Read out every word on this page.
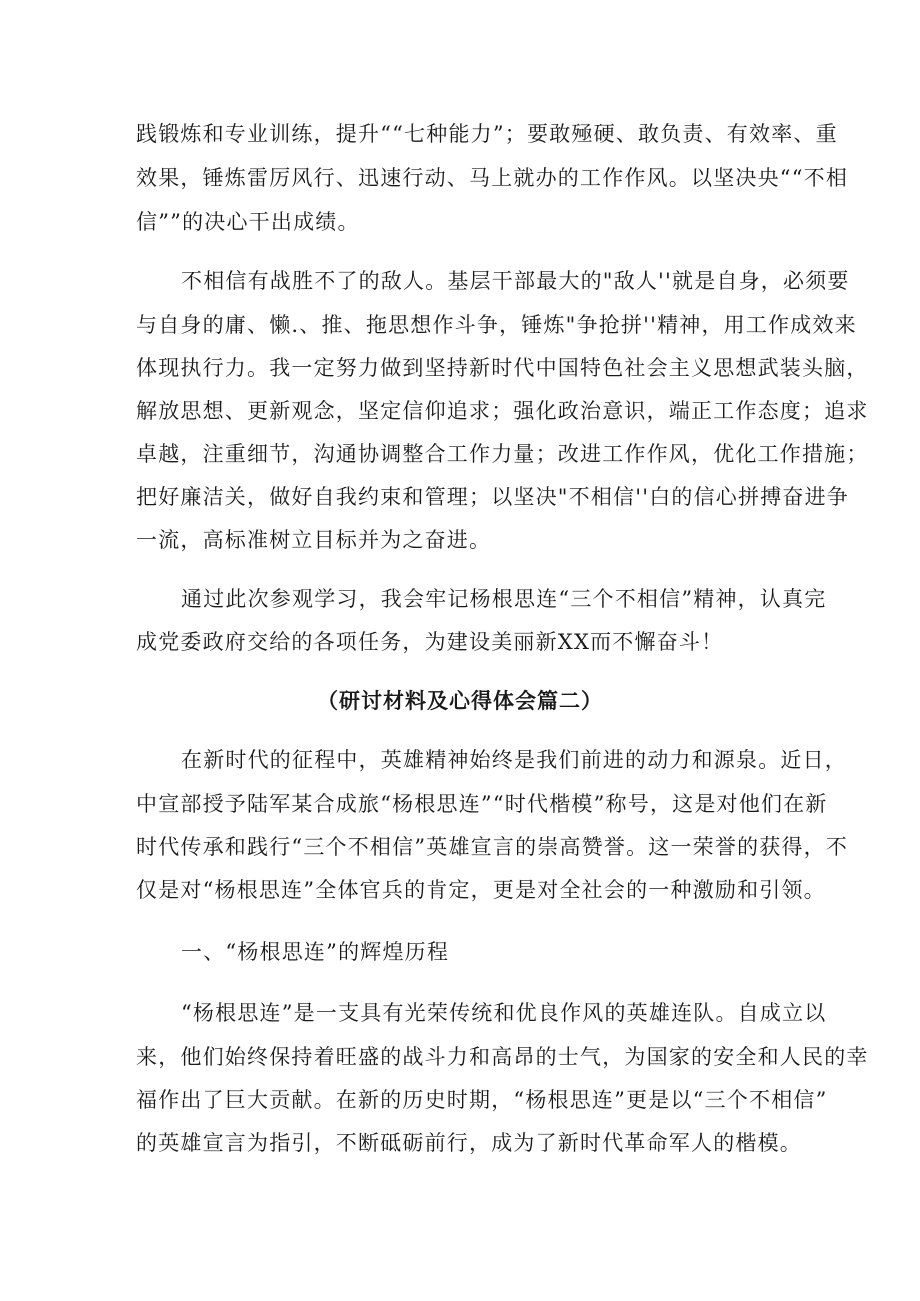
践锻炼和专业训练，提升““七种能力”；要敢殛硬、敢负责、有效率、重
效果，锤炼雷厉风行、迅速行动、马上就办的工作作风。以坚决央““不相
信””的决心干出成绩。
不相信有战胜不了的敌人。基层干部最大的"敌人''就是自身，必须要
与自身的庸、懒.、推、拖思想作斗争，锤炼"争抢拼''精神，用工作成效来
体现执行力。我一定努力做到坚持新时代中国特色社会主义思想武装头脑，
解放思想、更新观念，坚定信仰追求；强化政治意识，端正工作态度；追求
卓越，注重细节，沟通协调整合工作力量；改进工作作风，优化工作措施；
把好廉洁关，做好自我约束和管理；以坚决"不相信''白的信心拼搏奋进争
一流，高标准树立目标并为之奋进。
通过此次参观学习，我会牢记杨根思连“三个不相信”精神，认真完
成党委政府交给的各项任务，为建设美丽新XX而不懈奋斗！
（研讨材料及心得体会篇二）
在新时代的征程中，英雄精神始终是我们前进的动力和源泉。近日，
中宣部授予陆军某合成旅“杨根思连”“时代楷模”称号，这是对他们在新
时代传承和践行“三个不相信”英雄宣言的崇高赞誉。这一荣誉的获得，不
仅是对“杨根思连”全体官兵的肯定，更是对全社会的一种激励和引领。
一、“杨根思连”的辉煌历程
“杨根思连”是一支具有光荣传统和优良作风的英雄连队。自成立以
来，他们始终保持着旺盛的战斗力和高昂的士气，为国家的安全和人民的幸
福作出了巨大贡献。在新的历史时期，“杨根思连”更是以“三个不相信”
的英雄宣言为指引，不断砥砺前行，成为了新时代革命军人的楷模。
